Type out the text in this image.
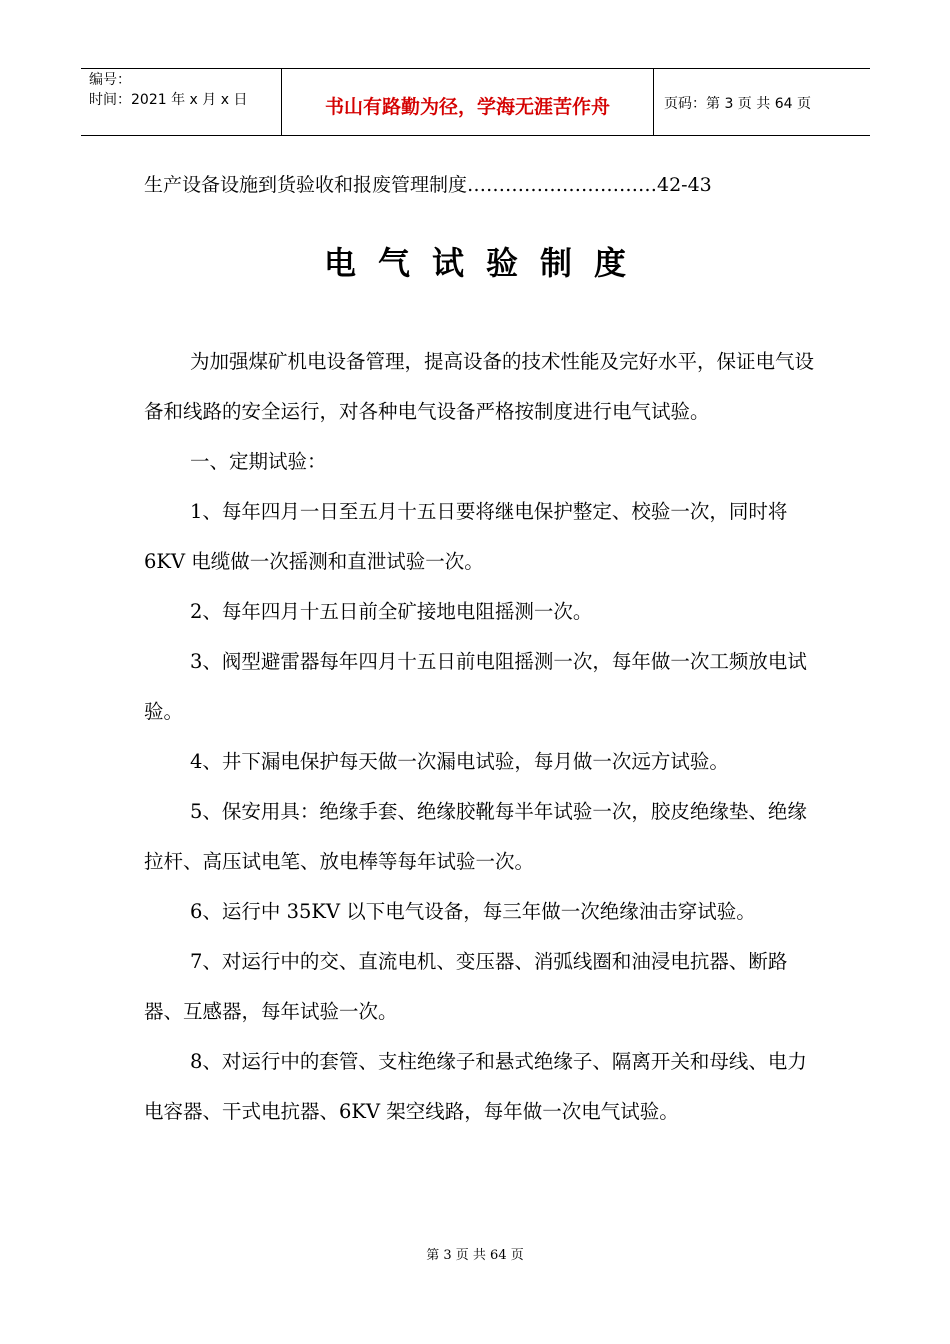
编号：
时间：2021 年 x 月 x 日	书山有路勤为径，学海无涯苦作舟	页码：第 3 页 共 64 页
生产设备设施到货验收和报废管理制度…………………………42-43
电气试验制度

为加强煤矿机电设备管理，提高设备的技术性能及完好水平，保证电气设备和线路的安全运行，对各种电气设备严格按制度进行电气试验。

一、定期试验：

1、每年四月一日至五月十五日要将继电保护整定、校验一次，同时将 6KV 电缆做一次摇测和直泄试验一次。

2、每年四月十五日前全矿接地电阻摇测一次。

3、阀型避雷器每年四月十五日前电阻摇测一次，每年做一次工频放电试验。

4、井下漏电保护每天做一次漏电试验，每月做一次远方试验。

5、保安用具：绝缘手套、绝缘胶靴每半年试验一次，胶皮绝缘垫、绝缘拉杆、高压试电笔、放电棒等每年试验一次。

6、运行中 35KV 以下电气设备，每三年做一次绝缘油击穿试验。

7、对运行中的交、直流电机、变压器、消弧线圈和油浸电抗器、断路器、互感器，每年试验一次。

8、对运行中的套管、支柱绝缘子和悬式绝缘子、隔离开关和母线、电力电容器、干式电抗器、6KV 架空线路，每年做一次电气试验。

第 3 页 共 64 页
